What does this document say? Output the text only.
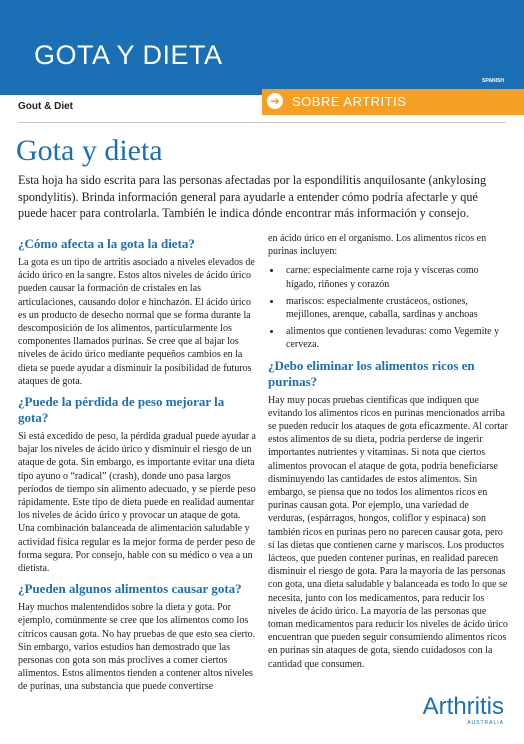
GOTA Y DIETA
SPANISH
Gout & Diet	➜ SOBRE ARTRITIS
Gota y dieta
Esta hoja ha sido escrita para las personas afectadas por la espondilitis anquilosante (ankylosing spondylitis). Brinda información general para ayudarle a entender cómo podría afectarle y qué puede hacer para controlarla. También le indica dónde encontrar más información y consejo.
¿Cómo afecta a la gota la dieta?

La gota es un tipo de artritis asociado a niveles elevados de ácido úrico en la sangre. Estos altos niveles de ácido úrico pueden causar la formación de cristales en las articulaciones, causando dolor e hinchazón. El ácido úrico es un producto de desecho normal que se forma durante la descomposición de los alimentos, particularmente los componentes llamados purinas. Se cree que al bajar los niveles de ácido úrico mediante pequeños cambios en la dieta se puede ayudar a disminuir la posibilidad de futuros ataques de gota.

¿Puede la pérdida de peso mejorar la gota?

Si está excedido de peso, la pérdida gradual puede ayudar a bajar los niveles de ácido úrico y disminuir el riesgo de un ataque de gota. Sin embargo, es importante evitar una dieta tipo ayuno o “radical” (crash), donde uno pasa largos períodos de tiempo sin alimento adecuado, y se pierde peso rápidamente. Este tipo de dieta puede en realidad aumentar los niveles de ácido úrico y provocar un ataque de gota. Una combinación balanceada de alimentación saludable y actividad física regular es la mejor forma de perder peso de forma segura. Por consejo, hable con su médico o vea a un dietista.

¿Pueden algunos alimentos causar gota?

Hay muchos malentendidos sobre la dieta y gota. Por ejemplo, comúnmente se cree que los alimentos como los cítricos causan gota. No hay pruebas de que esto sea cierto. Sin embargo, varios estudios han demostrado que las personas con gota son más proclives a comer ciertos alimentos. Estos alimentos tienden a contener altos niveles de purinas, una substancia que puede convertirse

en ácido úrico en el organismo. Los alimentos ricos en purinas incluyen:

• carne: especialmente carne roja y vísceras como hígado, riñones y corazón
• mariscos: especialmente crustáceos, ostiones, mejillones, arenque, caballa, sardinas y anchoas
• alimentos que contienen levaduras: como Vegemite y cerveza.
¿Debo eliminar los alimentos ricos en purinas?

Hay muy pocas pruebas científicas que indiquen que evitando los alimentos ricos en purinas mencionados arriba se pueden reducir los ataques de gota eficazmente. Al cortar estos alimentos de su dieta, podría perderse de ingerir importantes nutrientes y vitaminas. Si nota que ciertos alimentos provocan el ataque de gota, podría beneficiarse disminuyendo las cantidades de estos alimentos. Sin embargo, se piensa que no todos los alimentos ricos en purinas causan gota. Por ejemplo, una variedad de verduras, (espárragos, hongos, coliflor y espinaca) son también ricos en purinas pero no parecen causar gota, pero sí las dietas que contienen carne y mariscos. Los productos lácteos, que pueden contener purinas, en realidad parecen disminuir el riesgo de gota. Para la mayoría de las personas con gota, una dieta saludable y balanceada es todo lo que se necesita, junto con los medicamentos, para reducir los niveles de ácido úrico. La mayoría de las personas que toman medicamentos para reducir los niveles de ácido úrico encuentran que pueden seguir consumiendo alimentos ricos en purinas sin ataques de gota, siendo cuidadosos con la cantidad que consumen.

Arthritis
AUSTRALIA
